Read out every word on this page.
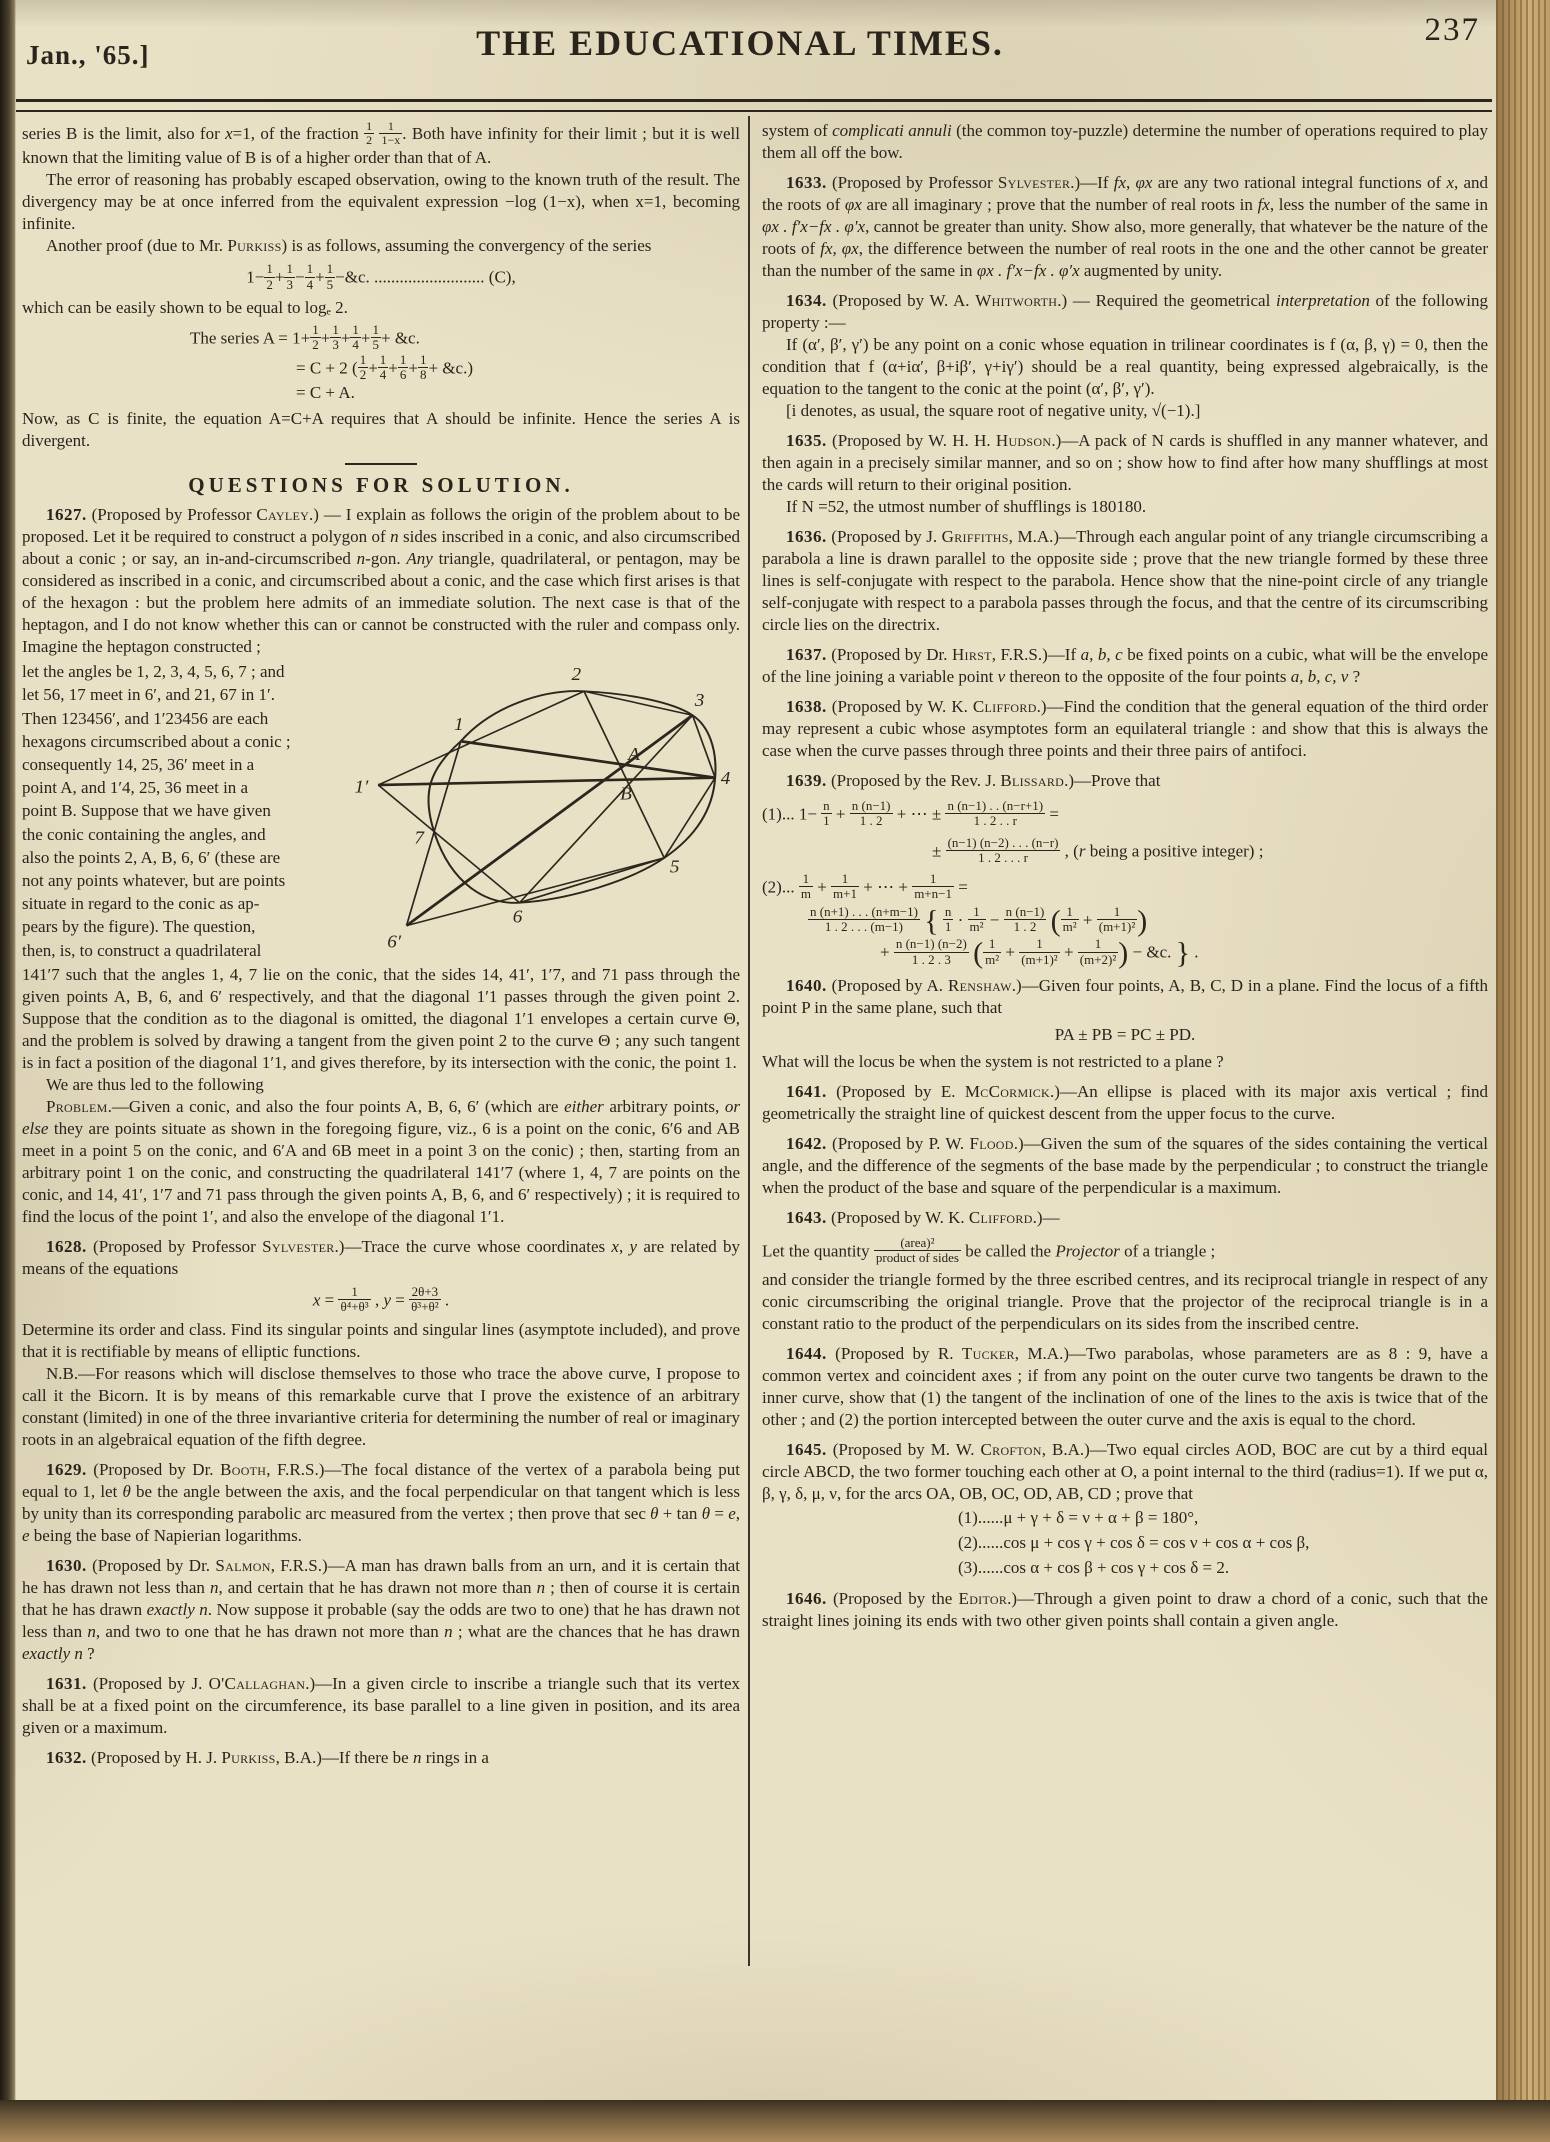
Jan., '65.]	THE EDUCATIONAL TIMES.	237

series B is the limit, also for x=1, of the fraction $\frac{1}{2}$
$\frac{1}{1-x}$ . Both have infinity for their limit ; but it is well known that the limiting value of B is of a higher order than that of A.

The error of reasoning has probably escaped observation, owing to the known truth of the result. The divergency may be at once inferred from the equivalent expression −log (1−x), when x=1, becoming infinite.

Another proof (due to Mr. Purkiss) is as follows, assuming the convergency of the series

$1- \frac{1}{2} + \frac{1}{3} - \frac{1}{4} + \frac{1}{5}$ −&c. .......................... (C),

which can be easily shown to be equal to logₑ 2.

The series $A = 1+ \frac{1}{2} + \frac{1}{3} + \frac{1}{4} + \frac{1}{5}$ + &c.
= C + 2 ( $\frac{1}{2} + \frac{1}{4} + \frac{1}{6} + \frac{1}{8}$ + &c.)
= C + A.

Now, as C is finite, the equation A=C+A requires that A should be infinite. Hence the series A is divergent.

QUESTIONS FOR SOLUTION.

1627. (Proposed by Professor Cayley.) — I explain as follows the origin of the problem about to be proposed. Let it be required to construct a polygon of n sides inscribed in a conic, and also circumscribed about a conic ; or say, an in-and-circumscribed n-gon. Any triangle, quadrilateral, or pentagon, may be considered as inscribed in a conic, and circumscribed about a conic, and the case which first arises is that of the hexagon : but the problem here admits of an immediate solution. The next case is that of the heptagon, and I do not know whether this can or cannot be constructed with the ruler and compass only. Imagine the heptagon constructed ;

let the angles be 1, 2, 3, 4, 5, 6, 7 ; and
let 56, 17 meet in 6′, and 21, 67 in 1′.
Then 123456′, and 1′23456 are each
hexagons circumscribed about a conic ;
consequently 14, 25, 36′ meet in a
point A, and 1′4, 25, 36 meet in a
point B. Suppose that we have given
the conic containing the angles, and
also the points 2, A, B, 6, 6′ (these are
not any points whatever, but are points
situate in regard to the conic as ap-
pears by the figure). The question,
then, is, to construct a quadrilateral
2
3
4
5
6
7
1
1′
6′
A
B

141′7 such that the angles 1, 4, 7 lie on the conic, that the sides 14, 41′, 1′7, and 71 pass through the given points A, B, 6, and 6′ respectively, and that the diagonal 1′1 passes through the given point 2. Suppose that the condition as to the diagonal is omitted, the diagonal 1′1 envelopes a certain curve Θ, and the problem is solved by drawing a tangent from the given point 2 to the curve Θ ; any such tangent is in fact a position of the diagonal 1′1, and gives therefore, by its intersection with the conic, the point 1.

We are thus led to the following

Problem.—Given a conic, and also the four points A, B, 6, 6′ (which are either arbitrary points, or else they are points situate as shown in the foregoing figure, viz., 6 is a point on the conic, 6′6 and AB meet in a point 5 on the conic, and 6′A and 6B meet in a point 3 on the conic) ; then, starting from an arbitrary point 1 on the conic, and constructing the quadrilateral 141′7 (where 1, 4, 7 are points on the conic, and 14, 41′, 1′7 and 71 pass through the given points A, B, 6, and 6′ respectively) ; it is required to find the locus of the point 1′, and also the envelope of the diagonal 1′1.

1628. (Proposed by Professor Sylvester.)—Trace the curve whose coordinates x, y are related by means of the equations

$x = \frac{1}{\text{θ⁴+θ³}}$ , $y = \frac{2\theta+3}{\text{θ³+θ²}}$ .

Determine its order and class. Find its singular points and singular lines (asymptote included), and prove that it is rectifiable by means of elliptic functions.

N.B.—For reasons which will disclose themselves to those who trace the above curve, I propose to call it the Bicorn. It is by means of this remarkable curve that I prove the existence of an arbitrary constant (limited) in one of the three invariantive criteria for determining the number of real or imaginary roots in an algebraical equation of the fifth degree.

1629. (Proposed by Dr. Booth, F.R.S.)—The focal distance of the vertex of a parabola being put equal to 1, let θ be the angle between the axis, and the focal perpendicular on that tangent which is less by unity than its corresponding parabolic arc measured from the vertex ; then prove that sec θ + tan θ = e, e being the base of Napierian logarithms.

1630. (Proposed by Dr. Salmon, F.R.S.)—A man has drawn balls from an urn, and it is certain that he has drawn not less than n, and certain that he has drawn not more than n ; then of course it is certain that he has drawn exactly n. Now suppose it probable (say the odds are two to one) that he has drawn not less than n, and two to one that he has drawn not more than n ; what are the chances that he has drawn exactly n ?

1631. (Proposed by J. O'Callaghan.)—In a given circle to inscribe a triangle such that its vertex shall be at a fixed point on the circumference, its base parallel to a line given in position, and its area given or a maximum.

1632. (Proposed by H. J. Purkiss, B.A.)—If there be n rings in a

system of complicati annuli (the common toy-puzzle) determine the number of operations required to play them all off the bow.

1633. (Proposed by Professor Sylvester.)—If fx, φx are any two rational integral functions of x, and the roots of φx are all imaginary ; prove that the number of real roots in fx, less the number of the same in φx . f′x−fx . φ′x, cannot be greater than unity. Show also, more generally, that whatever be the nature of the roots of fx, φx, the difference between the number of real roots in the one and the other cannot be greater than the number of the same in φx . f′x−fx . φ′x augmented by unity.

1634. (Proposed by W. A. Whitworth.) — Required the geometrical interpretation of the following property :—

If (α′, β′, γ′) be any point on a conic whose equation in trilinear coordinates is f (α, β, γ) = 0, then the condition that f (α+iα′, β+iβ′, γ+iγ′) should be a real quantity, being expressed algebraically, is the equation to the tangent to the conic at the point (α′, β′, γ′).

[i denotes, as usual, the square root of negative unity, √(−1).]

1635. (Proposed by W. H. H. Hudson.)—A pack of N cards is shuffled in any manner whatever, and then again in a precisely similar manner, and so on ; show how to find after how many shufflings at most the cards will return to their original position.

If N =52, the utmost number of shufflings is 180180.

1636. (Proposed by J. Griffiths, M.A.)—Through each angular point of any triangle circumscribing a parabola a line is drawn parallel to the opposite side ; prove that the new triangle formed by these three lines is self-conjugate with respect to the parabola. Hence show that the nine-point circle of any triangle self-conjugate with respect to a parabola passes through the focus, and that the centre of its circumscribing circle lies on the directrix.

1637. (Proposed by Dr. Hirst, F.R.S.)—If a, b, c be fixed points on a cubic, what will be the envelope of the line joining a variable point v thereon to the opposite of the four points a, b, c, v ?

1638. (Proposed by W. K. Clifford.)—Find the condition that the general equation of the third order may represent a cubic whose asymptotes form an equilateral triangle : and show that this is always the case when the curve passes through three points and their three pairs of antifoci.

1639. (Proposed by the Rev. J. Blissard.)—Prove that

(1)... $1- \frac{n}{1} + \frac{n (n-1)}{1 . 2}$ + ⋯ ± $\frac{n (n-1) . . (n-r+1)}{1 . 2 . . r}$ =
± $\frac{(n-1) (n-2) . . . (n-r)}{1 . 2 . . . r}$ , (r being a positive integer) ;
(2)... $\frac{1}{m} + \frac{1}{m+1}$ + ⋯ + $\frac{1}{m+n-1}$ =
$\frac{n (n+1) . . . (n+m-1)}{1 . 2 . . . (m-1)}$ { $\frac{n}{1} \cdot \frac{1}{\text{m²}} - \frac{n (n-1)}{1 . 2}$ ( $\frac{1}{\text{m²}} + \frac{1}{\text{(m+1)²}}$ )
+ $\frac{n (n-1) (n-2)}{1 . 2 . 3}$ ( $\frac{1}{\text{m²}} + \frac{1}{\text{(m+1)²}} + \frac{1}{\text{(m+2)²}}$ ) − &c. } .

1640. (Proposed by A. Renshaw.)—Given four points, A, B, C, D in a plane. Find the locus of a fifth point P in the same plane, such that

PA ± PB = PC ± PD.

What will the locus be when the system is not restricted to a plane ?

1641. (Proposed by E. McCormick.)—An ellipse is placed with its major axis vertical ; find geometrically the straight line of quickest descent from the upper focus to the curve.

1642. (Proposed by P. W. Flood.)—Given the sum of the squares of the sides containing the vertical angle, and the difference of the segments of the base made by the perpendicular ; to construct the triangle when the product of the base and square of the perpendicular is a maximum.

1643. (Proposed by W. K. Clifford.)—

Let the quantity $\frac{\text{(area)²}}{\text{product of sides}}$ be called the Projector of a triangle ;

and consider the triangle formed by the three escribed centres, and its reciprocal triangle in respect of any conic circumscribing the original triangle. Prove that the projector of the reciprocal triangle is in a constant ratio to the product of the perpendiculars on its sides from the inscribed centre.

1644. (Proposed by R. Tucker, M.A.)—Two parabolas, whose parameters are as 8 : 9, have a common vertex and coincident axes ; if from any point on the outer curve two tangents be drawn to the inner curve, show that (1) the tangent of the inclination of one of the lines to the axis is twice that of the other ; and (2) the portion intercepted between the outer curve and the axis is equal to the chord.

1645. (Proposed by M. W. Crofton, B.A.)—Two equal circles AOD, BOC are cut by a third equal circle ABCD, the two former touching each other at O, a point internal to the third (radius=1). If we put α, β, γ, δ, μ, ν, for the arcs OA, OB, OC, OD, AB, CD ; prove that

(1)......μ + γ + δ = ν + α + β = 180°,
(2)......cos μ + cos γ + cos δ = cos ν + cos α + cos β,
(3)......cos α + cos β + cos γ + cos δ = 2.

1646. (Proposed by the Editor.)—Through a given point to draw a chord of a conic, such that the straight lines joining its ends with two other given points shall contain a given angle.
